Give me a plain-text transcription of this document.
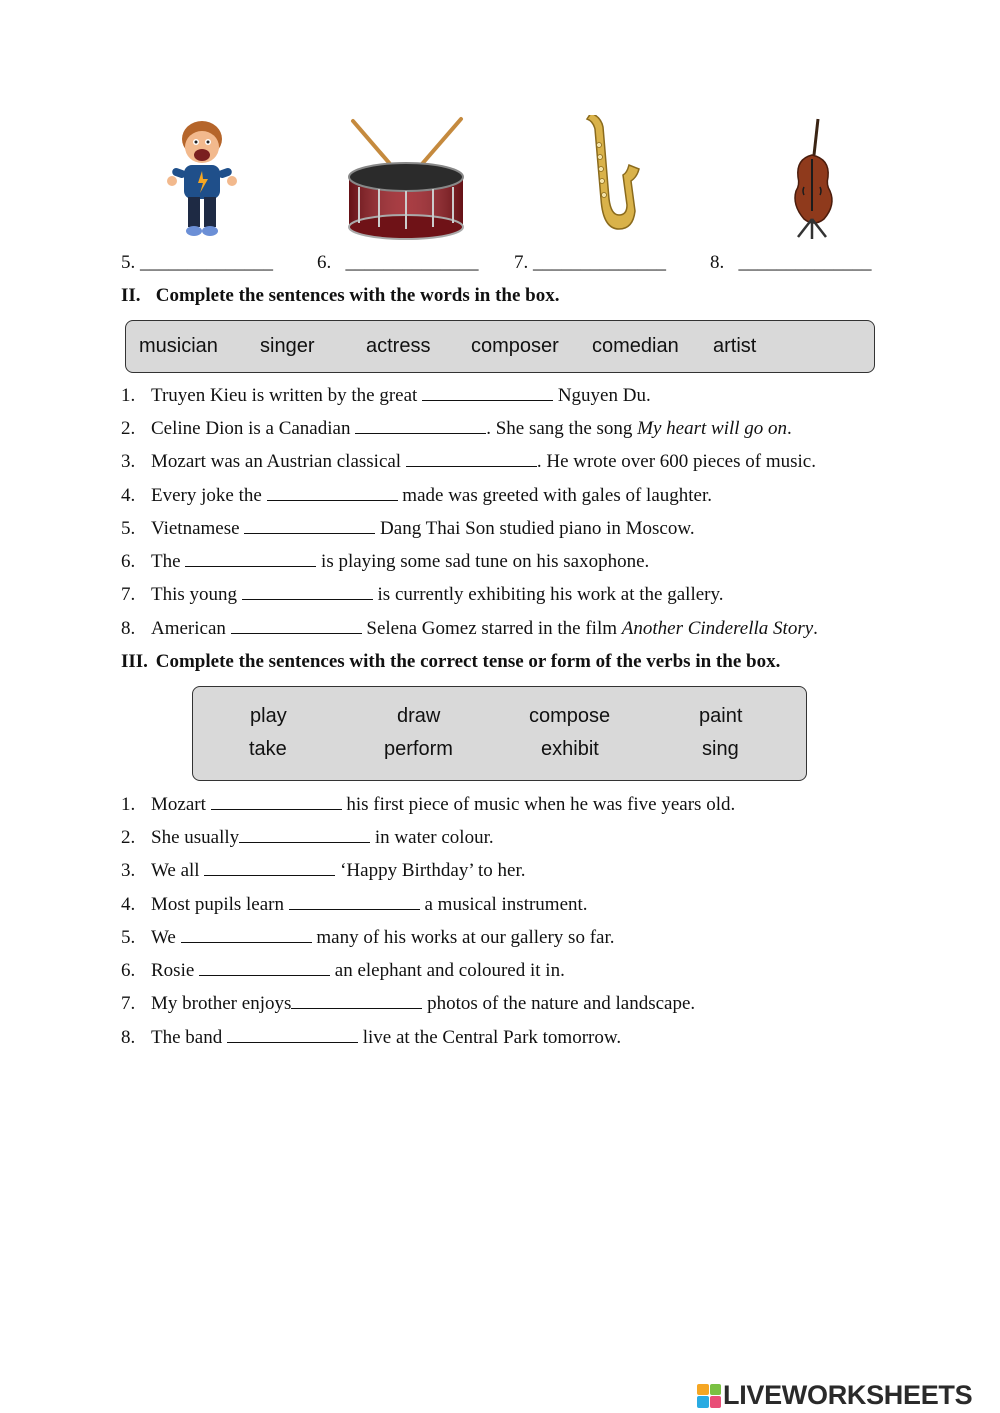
5. ______________ 6. ______________ 7. ______________ 8. ______________
II. Complete the sentences with the words in the box.
musician singer	actress composer comedian artist
1. Truyen Kieu is written by the great	Nguyen Du.
2. Celine Dion is a Canadian	. She sang the song My heart will go on.
3. Mozart was an Austrian classical	. He wrote over 600 pieces of music.
4. Every joke the	made was greeted with gales of laughter.
5. Vietnamese	Dang Thai Son studied piano in Moscow.
6. The	is playing some sad tune on his saxophone.
7. This young	is currently exhibiting his work at the gallery.
8. American	Selena Gomez starred in the film Another Cinderella Story.
III. Complete the sentences with the correct tense or form of the verbs in the box.
play	draw	compose	paint
take	perform	exhibit	sing
1. Mozart	his first piece of music when he was five years old.
2. She usually	in water colour.
3. We all	‘Happy Birthday’ to her.
4. Most pupils learn	a musical instrument.
5. We	many of his works at our gallery so far.
6. Rosie	an elephant and coloured it in.
7. My brother enjoys	photos of the nature and landscape.
8. The band	live at the Central Park tomorrow.
LIVEWORKSHEETS
